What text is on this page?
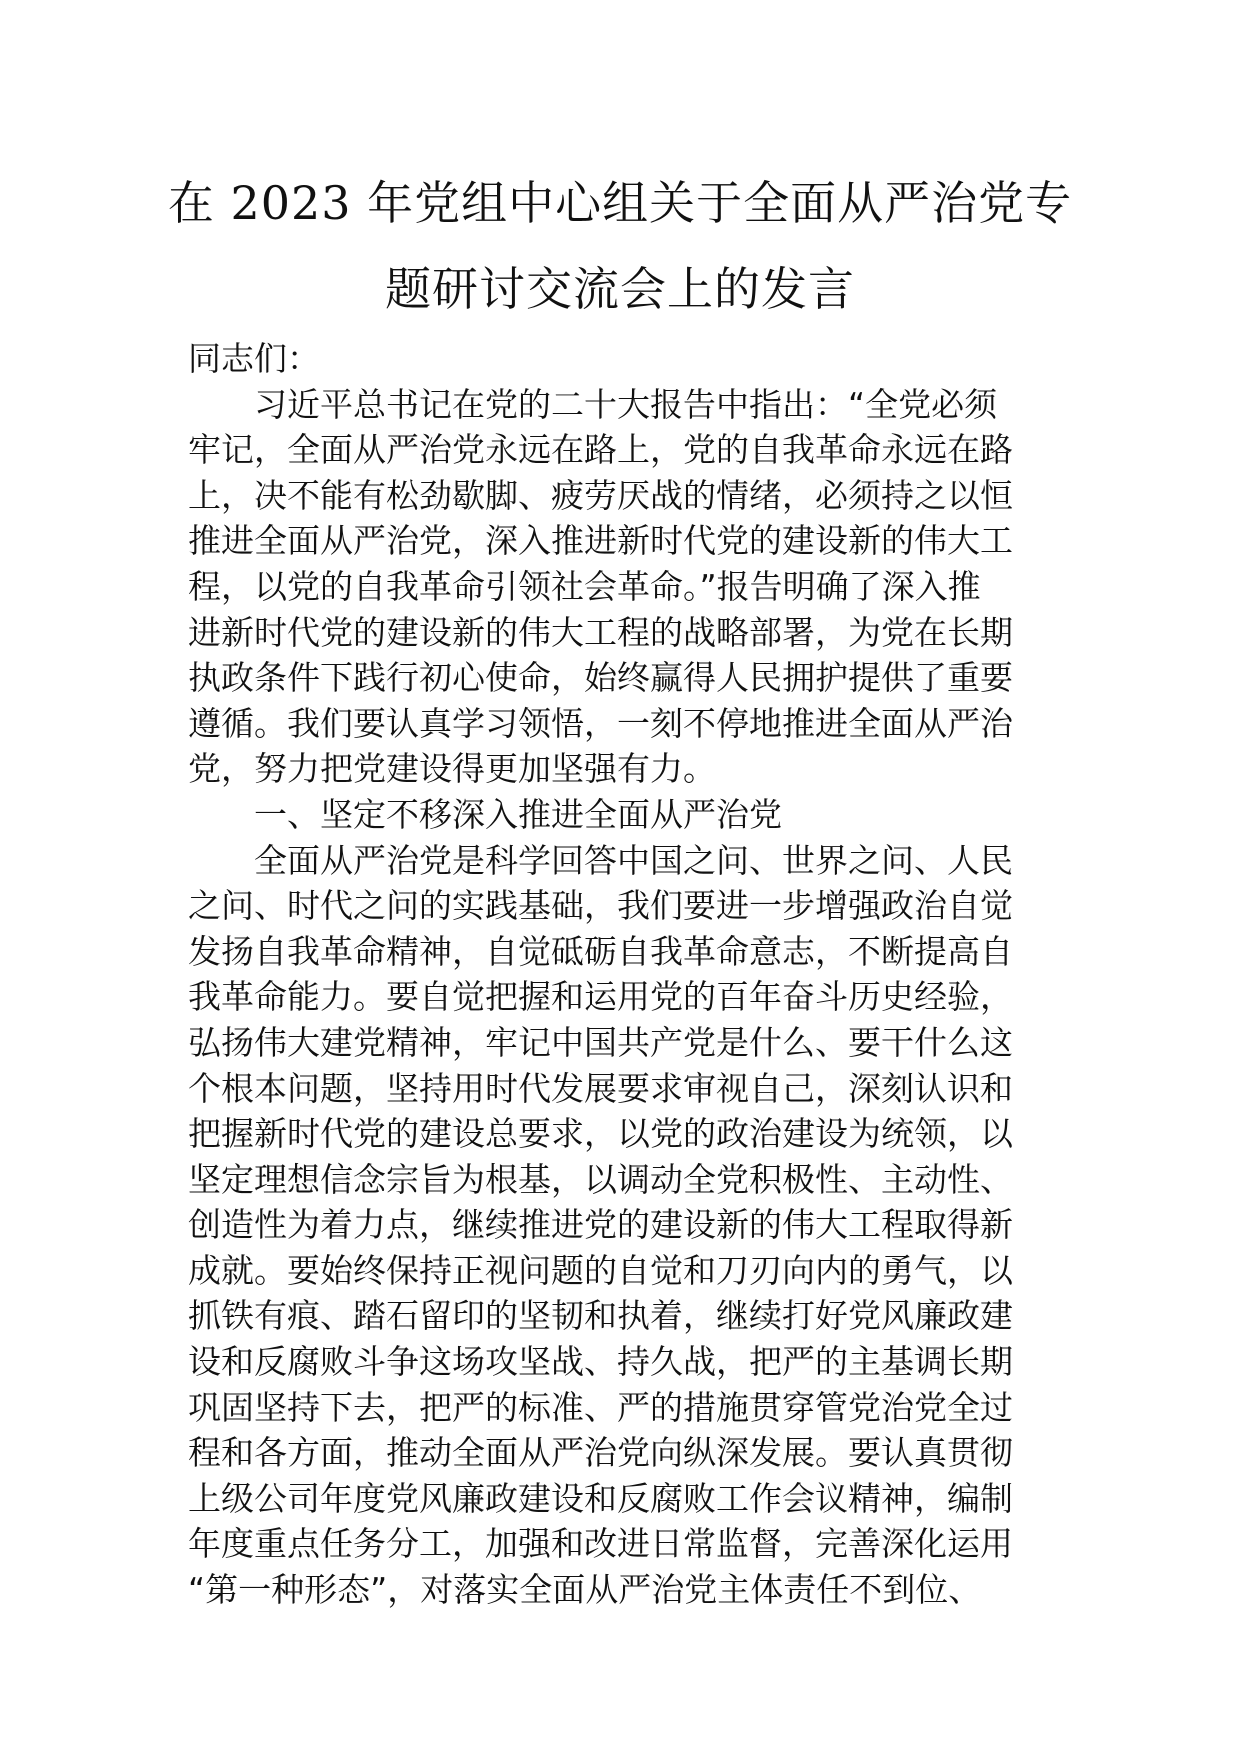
在 2023 年党组中心组关于全面从严治党专
题研讨交流会上的发言
同志们：
习近平总书记在党的二十大报告中指出：“全党必须
牢记，全面从严治党永远在路上，党的自我革命永远在路
上，决不能有松劲歇脚、疲劳厌战的情绪，必须持之以恒
推进全面从严治党，深入推进新时代党的建设新的伟大工
程，以党的自我革命引领社会革命。”报告明确了深入推
进新时代党的建设新的伟大工程的战略部署，为党在长期
执政条件下践行初心使命，始终赢得人民拥护提供了重要
遵循。我们要认真学习领悟，一刻不停地推进全面从严治
党，努力把党建设得更加坚强有力。
一、坚定不移深入推进全面从严治党
全面从严治党是科学回答中国之问、世界之问、人民
之问、时代之问的实践基础，我们要进一步增强政治自觉
发扬自我革命精神，自觉砥砺自我革命意志，不断提高自
我革命能力。要自觉把握和运用党的百年奋斗历史经验，
弘扬伟大建党精神，牢记中国共产党是什么、要干什么这
个根本问题，坚持用时代发展要求审视自己，深刻认识和
把握新时代党的建设总要求，以党的政治建设为统领，以
坚定理想信念宗旨为根基，以调动全党积极性、主动性、
创造性为着力点，继续推进党的建设新的伟大工程取得新
成就。要始终保持正视问题的自觉和刀刃向内的勇气，以
抓铁有痕、踏石留印的坚韧和执着，继续打好党风廉政建
设和反腐败斗争这场攻坚战、持久战，把严的主基调长期
巩固坚持下去，把严的标准、严的措施贯穿管党治党全过
程和各方面，推动全面从严治党向纵深发展。要认真贯彻
上级公司年度党风廉政建设和反腐败工作会议精神，编制
年度重点任务分工，加强和改进日常监督，完善深化运用
“第一种形态”，对落实全面从严治党主体责任不到位、
